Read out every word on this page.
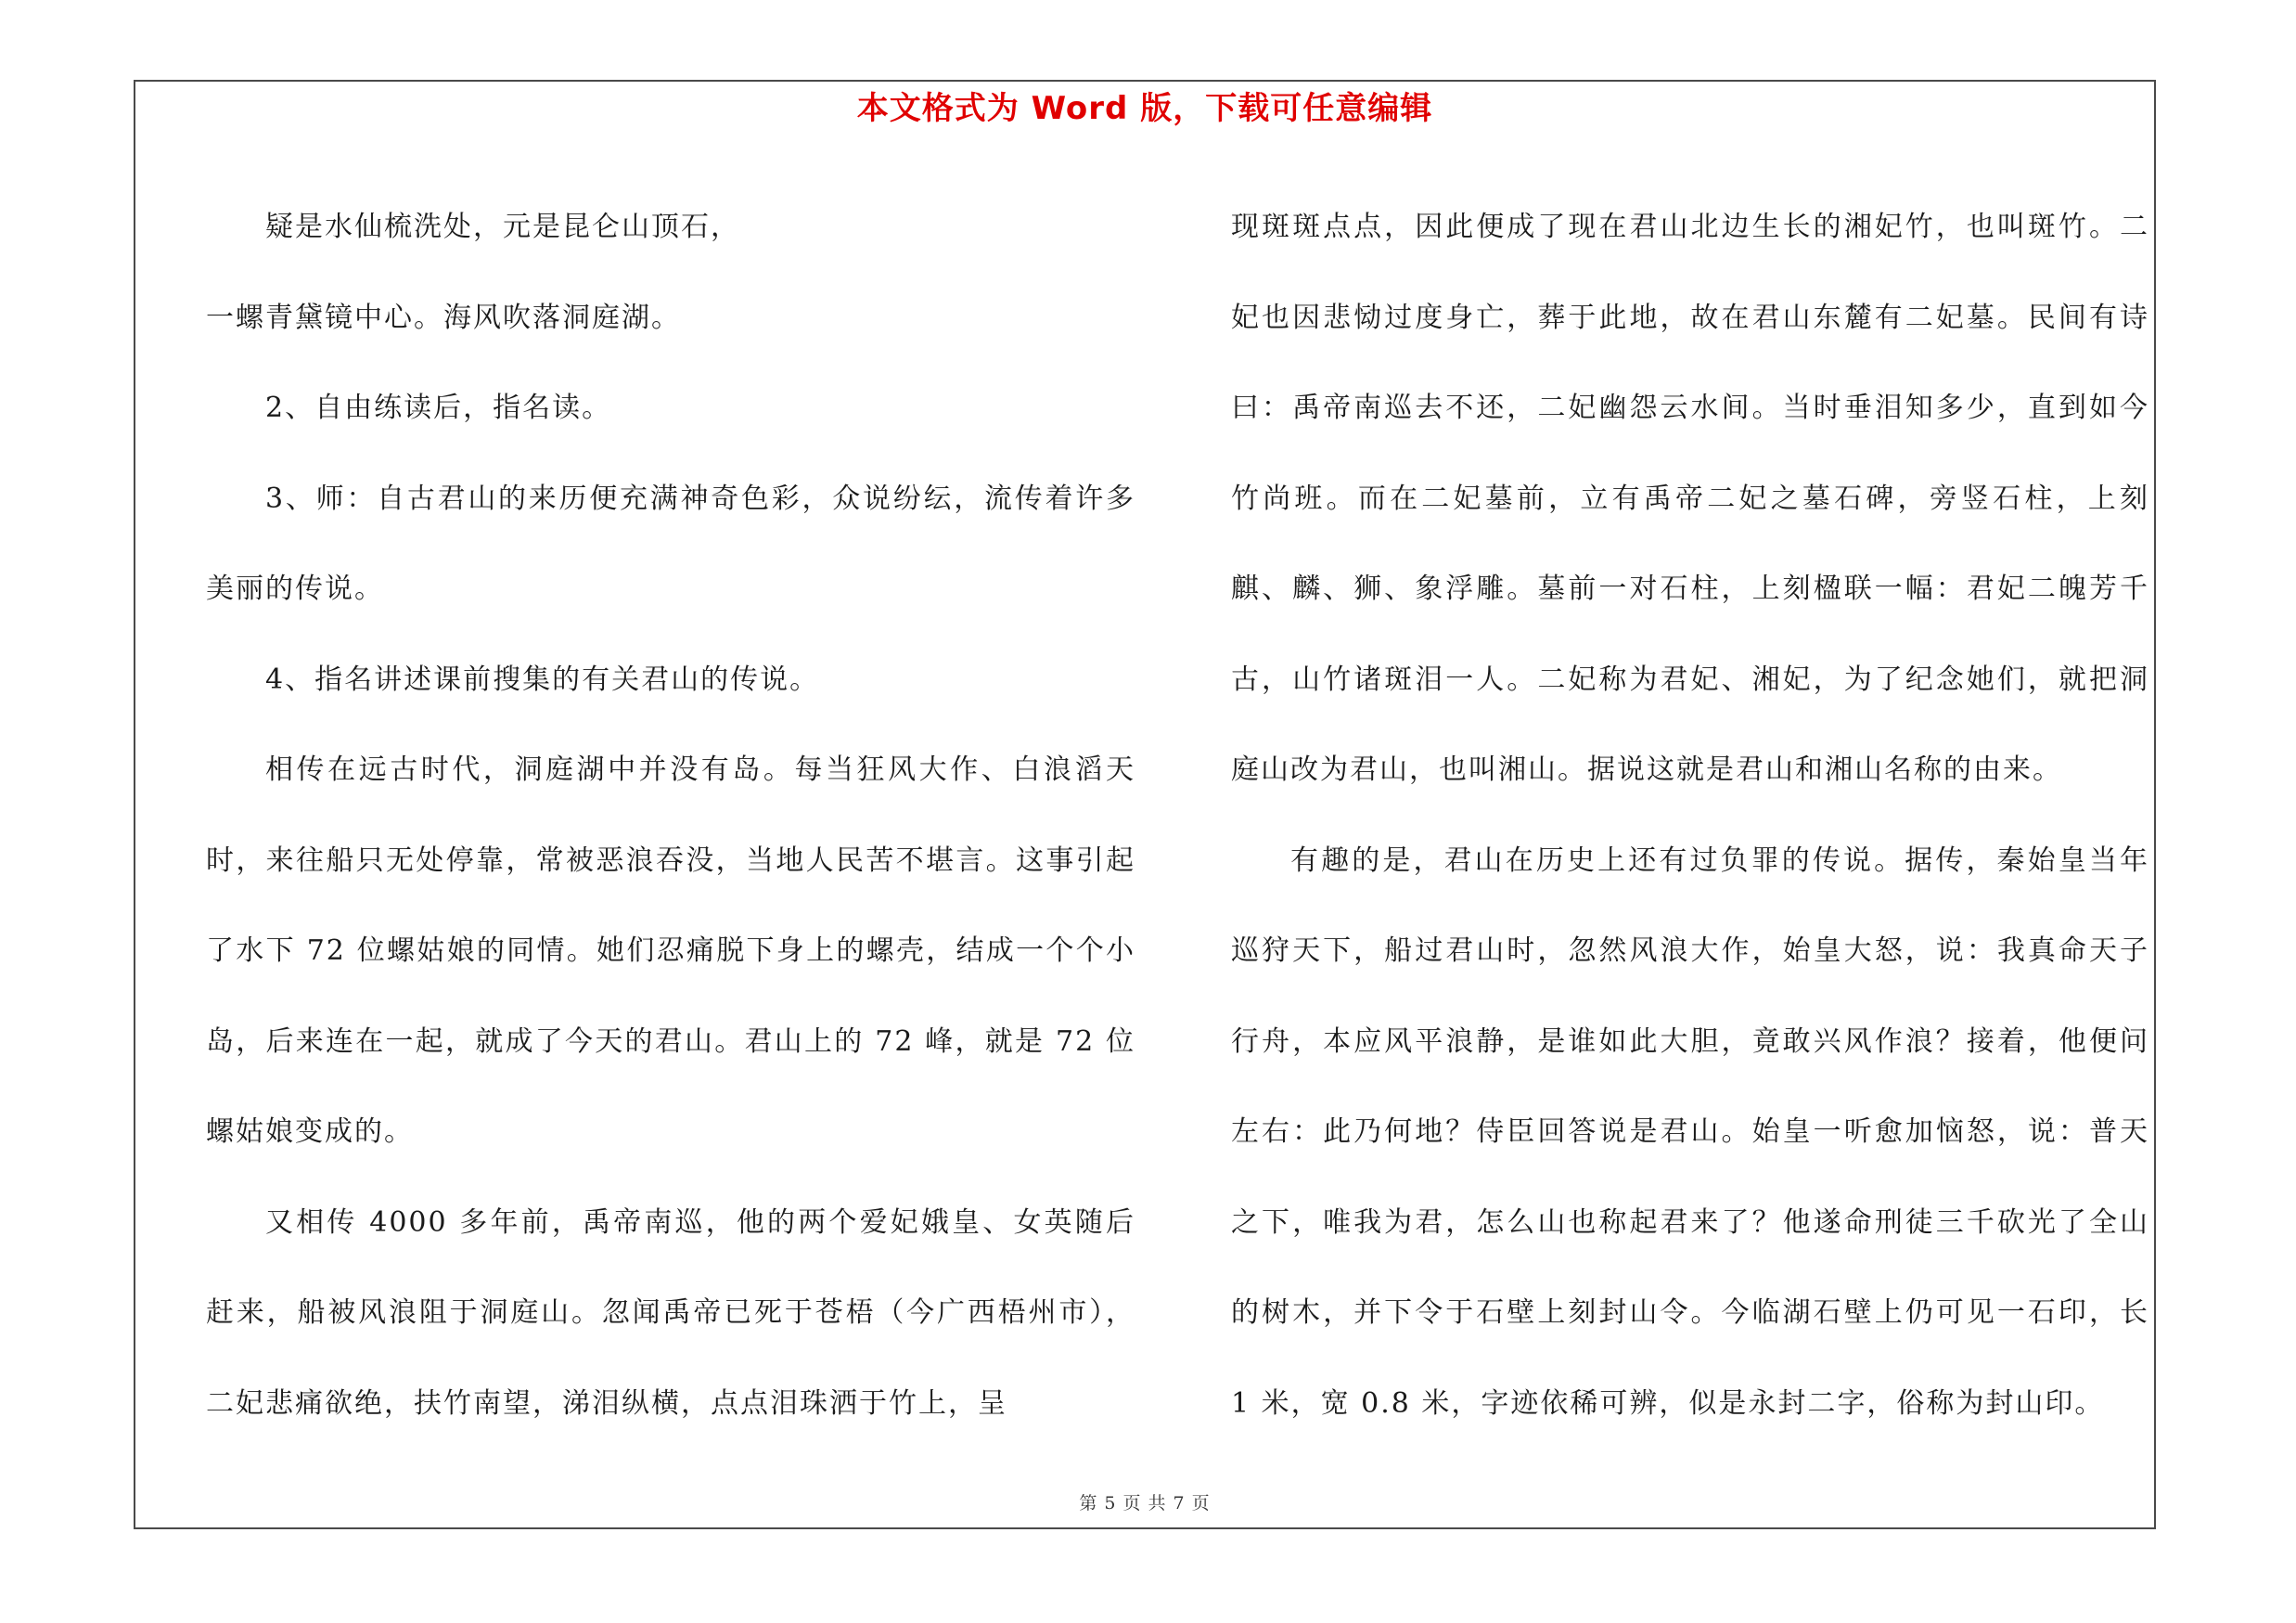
本文格式为 Word 版，下载可任意编辑

疑是水仙梳洗处，元是昆仑山顶石，

一螺青黛镜中心。海风吹落洞庭湖。

2、自由练读后，指名读。

3、师：自古君山的来历便充满神奇色彩，众说纷纭，流传着许多美丽的传说。

4、指名讲述课前搜集的有关君山的传说。

相传在远古时代，洞庭湖中并没有岛。每当狂风大作、白浪滔天时，来往船只无处停靠，常被恶浪吞没，当地人民苦不堪言。这事引起了水下 72 位螺姑娘的同情。她们忍痛脱下身上的螺壳，结成一个个小岛，后来连在一起，就成了今天的君山。君山上的 72 峰，就是 72 位螺姑娘变成的。

又相传 4000 多年前，禹帝南巡，他的两个爱妃娥皇、女英随后赶来，船被风浪阻于洞庭山。忽闻禹帝已死于苍梧（今广西梧州市），二妃悲痛欲绝，扶竹南望，涕泪纵横，点点泪珠洒于竹上，呈

现斑斑点点，因此便成了现在君山北边生长的湘妃竹，也叫斑竹。二妃也因悲恸过度身亡，葬于此地，故在君山东麓有二妃墓。民间有诗曰：禹帝南巡去不还，二妃幽怨云水间。当时垂泪知多少，直到如今竹尚班。而在二妃墓前，立有禹帝二妃之墓石碑，旁竖石柱，上刻麒、麟、狮、象浮雕。墓前一对石柱，上刻楹联一幅：君妃二魄芳千古，山竹诸斑泪一人。二妃称为君妃、湘妃，为了纪念她们，就把洞庭山改为君山，也叫湘山。据说这就是君山和湘山名称的由来。

有趣的是，君山在历史上还有过负罪的传说。据传，秦始皇当年巡狩天下，船过君山时，忽然风浪大作，始皇大怒，说：我真命天子行舟，本应风平浪静，是谁如此大胆，竟敢兴风作浪？接着，他便问左右：此乃何地？侍臣回答说是君山。始皇一听愈加恼怒，说：普天之下，唯我为君，怎么山也称起君来了？他遂命刑徒三千砍光了全山的树木，并下令于石壁上刻封山令。今临湖石壁上仍可见一石印，长 1 米，宽 0.8 米，字迹依稀可辨，似是永封二字，俗称为封山印。

第 5 页 共 7 页
